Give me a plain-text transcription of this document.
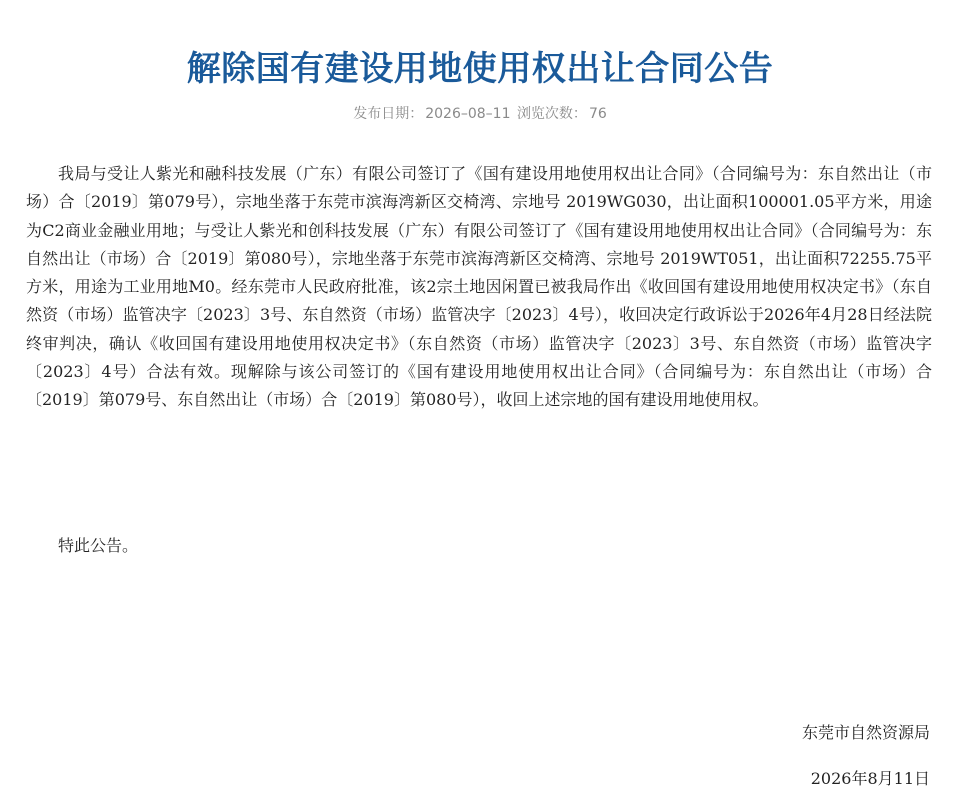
解除国有建设用地使用权出让合同公告
发布日期： 2026–08–11 浏览次数： 76

我局与受让人紫光和融科技发展（广东）有限公司签订了《国有建设用地使用权出让合同》（合同编号为：东自然出让（市场）合〔2019〕第079号），宗地坐落于东莞市滨海湾新区交椅湾、宗地号 2019WG030，出让面积100001.05平方米，用途为C2商业金融业用地；与受让人紫光和创科技发展（广东）有限公司签订了《国有建设用地使用权出让合同》（合同编号为：东自然出让（市场）合〔2019〕第080号），宗地坐落于东莞市滨海湾新区交椅湾、宗地号 2019WT051，出让面积72255.75平方米，用途为工业用地M0。经东莞市人民政府批准，该2宗土地因闲置已被我局作出《收回国有建设用地使用权决定书》（东自然资（市场）监管决字〔2023〕3号、东自然资（市场）监管决字〔2023〕4号），收回决定行政诉讼于2026年4月28日经法院终审判决，确认《收回国有建设用地使用权决定书》（东自然资（市场）监管决字〔2023〕3号、东自然资（市场）监管决字〔2023〕4号）合法有效。现解除与该公司签订的《国有建设用地使用权出让合同》（合同编号为：东自然出让（市场）合〔2019〕第079号、东自然出让（市场）合〔2019〕第080号），收回上述宗地的国有建设用地使用权。

特此公告。

东莞市自然资源局
2026年8月11日
